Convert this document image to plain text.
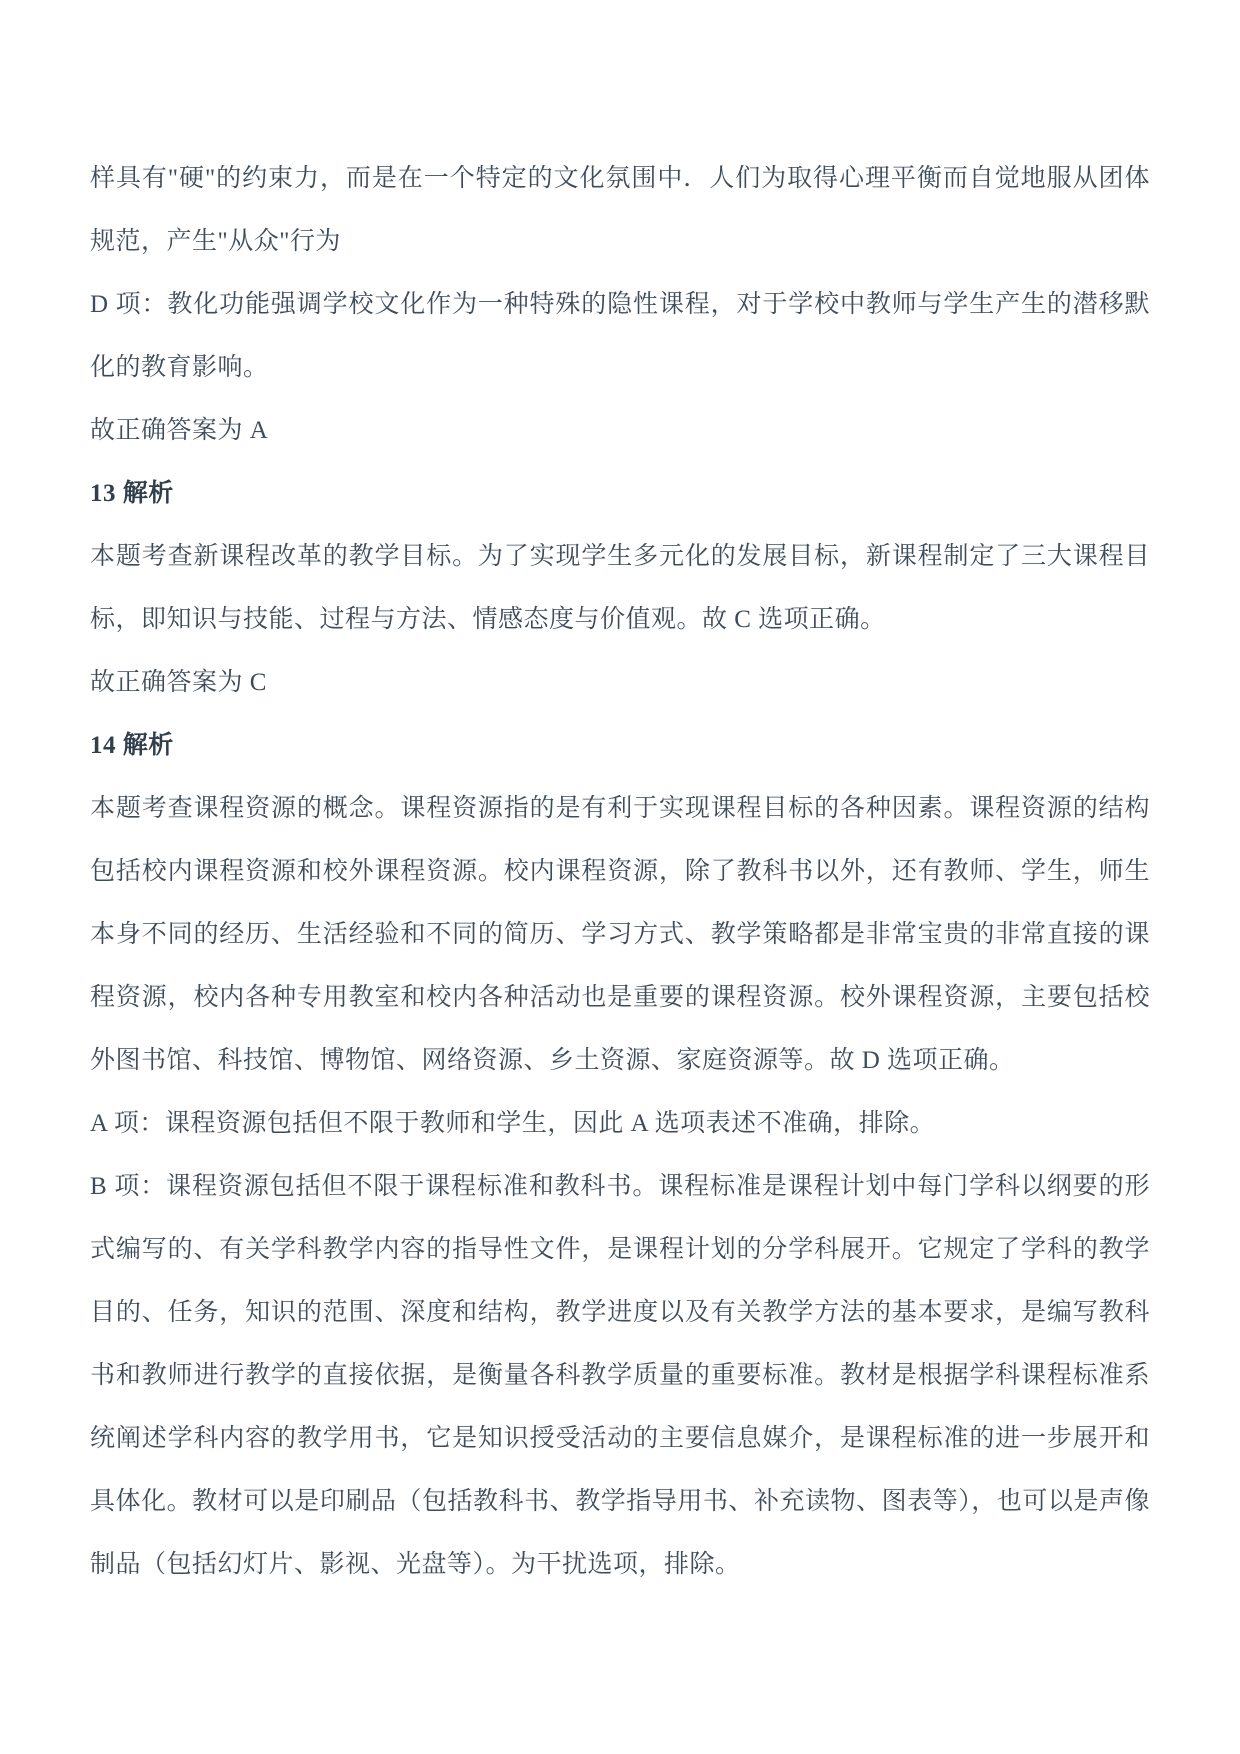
样具有"硬"的约束力，而是在一个特定的文化氛围中．人们为取得心理平衡而自觉地服从团体规范，产生"从众"行为

D 项：教化功能强调学校文化作为一种特殊的隐性课程，对于学校中教师与学生产生的潜移默化的教育影响。

故正确答案为 A

13 解析

本题考查新课程改革的教学目标。为了实现学生多元化的发展目标，新课程制定了三大课程目标，即知识与技能、过程与方法、情感态度与价值观。故 C 选项正确。

故正确答案为 C

14 解析

本题考查课程资源的概念。课程资源指的是有利于实现课程目标的各种因素。课程资源的结构包括校内课程资源和校外课程资源。校内课程资源，除了教科书以外，还有教师、学生，师生本身不同的经历、生活经验和不同的简历、学习方式、教学策略都是非常宝贵的非常直接的课程资源，校内各种专用教室和校内各种活动也是重要的课程资源。校外课程资源，主要包括校外图书馆、科技馆、博物馆、网络资源、乡土资源、家庭资源等。故 D 选项正确。

A 项：课程资源包括但不限于教师和学生，因此 A 选项表述不准确，排除。

B 项：课程资源包括但不限于课程标准和教科书。课程标准是课程计划中每门学科以纲要的形式编写的、有关学科教学内容的指导性文件，是课程计划的分学科展开。它规定了学科的教学目的、任务，知识的范围、深度和结构，教学进度以及有关教学方法的基本要求，是编写教科书和教师进行教学的直接依据，是衡量各科教学质量的重要标准。教材是根据学科课程标准系统阐述学科内容的教学用书，它是知识授受活动的主要信息媒介，是课程标准的进一步展开和具体化。教材可以是印刷品（包括教科书、教学指导用书、补充读物、图表等），也可以是声像制品（包括幻灯片、影视、光盘等）。为干扰选项，排除。
